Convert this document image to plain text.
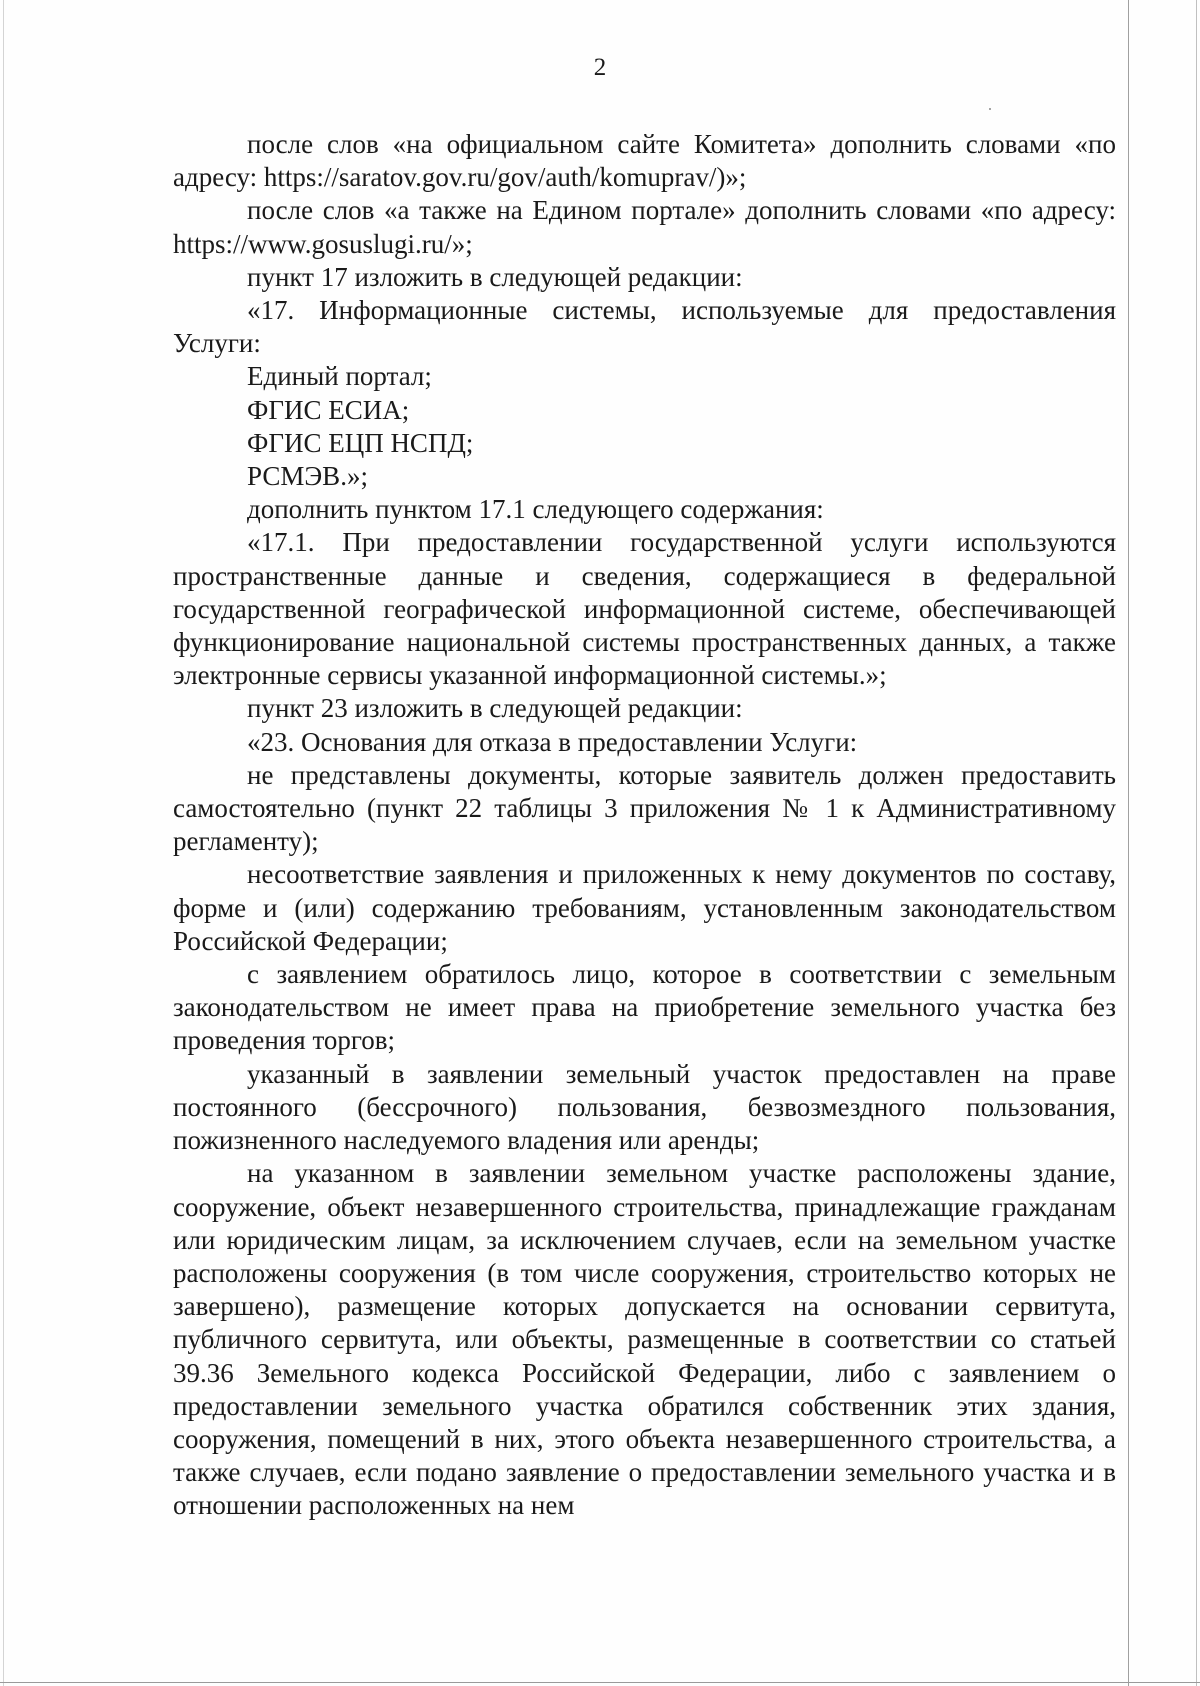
2

после слов «на официальном сайте Комитета» дополнить словами «по адресу: https://saratov.gov.ru/gov/auth/komuprav/)»;

после слов «а также на Едином портале» дополнить словами «по адресу: https://www.gosuslugi.ru/»;

пункт 17 изложить в следующей редакции:

«17. Информационные системы, используемые для предоставления Услуги:

Единый портал;

ФГИС ЕСИА;

ФГИС ЕЦП НСПД;

РСМЭВ.»;

дополнить пунктом 17.1 следующего содержания:

«17.1. При предоставлении государственной услуги используются пространственные данные и сведения, содержащиеся в федеральной государственной географической информационной системе, обеспечивающей функционирование национальной системы пространственных данных, а также электронные сервисы указанной информационной системы.»;

пункт 23 изложить в следующей редакции:

«23. Основания для отказа в предоставлении Услуги:

не представлены документы, которые заявитель должен предоставить самостоятельно (пункт 22 таблицы 3 приложения № 1 к Административному регламенту);

несоответствие заявления и приложенных к нему документов по составу, форме и (или) содержанию требованиям, установленным законодательством Российской Федерации;

с заявлением обратилось лицо, которое в соответствии с земельным законодательством не имеет права на приобретение земельного участка без проведения торгов;

указанный в заявлении земельный участок предоставлен на праве постоянного (бессрочного) пользования, безвозмездного пользования, пожизненного наследуемого владения или аренды;

на указанном в заявлении земельном участке расположены здание, сооружение, объект незавершенного строительства, принадлежащие гражданам или юридическим лицам, за исключением случаев, если на земельном участке расположены сооружения (в том числе сооружения, строительство которых не завершено), размещение которых допускается на основании сервитута, публичного сервитута, или объекты, размещенные в соответствии со статьей 39.36 Земельного кодекса Российской Федерации, либо с заявлением о предоставлении земельного участка обратился собственник этих здания, сооружения, помещений в них, этого объекта незавершенного строительства, а также случаев, если подано заявление о предоставлении земельного участка и в отношении расположенных на нем
